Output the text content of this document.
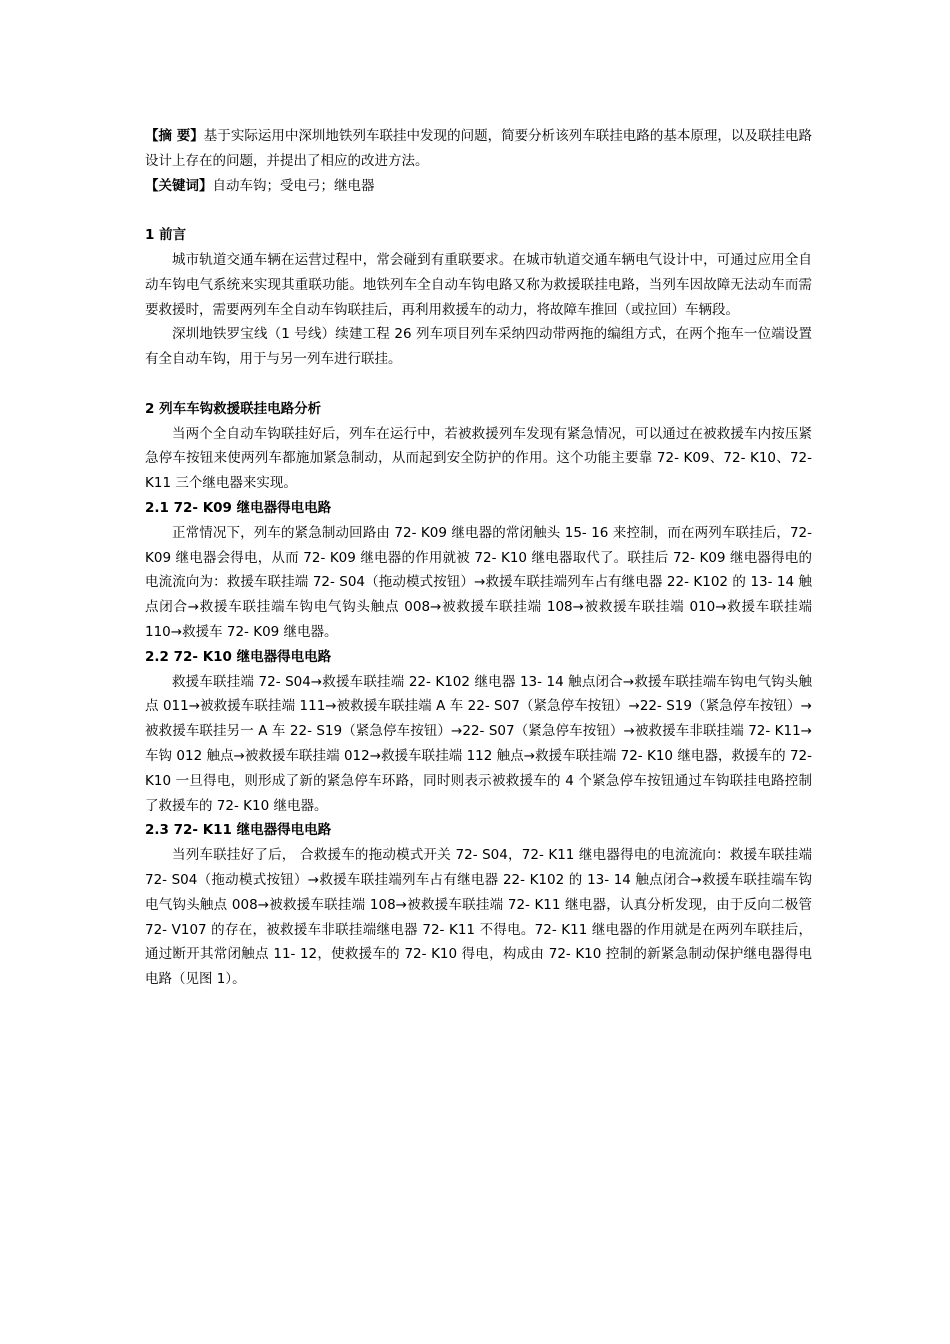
【摘 要】基于实际运用中深圳地铁列车联挂中发现的问题，简要分析该列车联挂电路的基本原理，以及联挂电路设计上存在的问题，并提出了相应的改进方法。

【关键词】自动车钩；受电弓；继电器

1 前言

城市轨道交通车辆在运营过程中，常会碰到有重联要求。在城市轨道交通车辆电气设计中，可通过应用全自动车钩电气系统来实现其重联功能。地铁列车全自动车钩电路又称为救援联挂电路，当列车因故障无法动车而需要救援时，需要两列车全自动车钩联挂后，再利用救援车的动力，将故障车推回（或拉回）车辆段。

深圳地铁罗宝线（1 号线）续建工程 26 列车项目列车采纳四动带两拖的编组方式，在两个拖车一位端设置有全自动车钩，用于与另一列车进行联挂。

2 列车车钩救援联挂电路分析

当两个全自动车钩联挂好后，列车在运行中，若被救援列车发现有紧急情况，可以通过在被救援车内按压紧急停车按钮来使两列车都施加紧急制动，从而起到安全防护的作用。这个功能主要靠 72- K09、72- K10、72- K11 三个继电器来实现。

2.1 72- K09 继电器得电电路

正常情况下，列车的紧急制动回路由 72- K09 继电器的常闭触头 15- 16 来控制，而在两列车联挂后，72- K09 继电器会得电，从而 72- K09 继电器的作用就被 72- K10 继电器取代了。联挂后 72- K09 继电器得电的电流流向为：救援车联挂端 72- S04（拖动模式按钮）→救援车联挂端列车占有继电器 22- K102 的 13- 14 触点闭合→救援车联挂端车钩电气钩头触点 008→被救援车联挂端 108→被救援车联挂端 010→救援车联挂端 110→救援车 72- K09 继电器。

2.2 72- K10 继电器得电电路

救援车联挂端 72- S04→救援车联挂端 22- K102 继电器 13- 14 触点闭合→救援车联挂端车钩电气钩头触点 011→被救援车联挂端 111→被救援车联挂端 A 车 22- S07（紧急停车按钮）→22- S19（紧急停车按钮）→被救援车联挂另一 A 车 22- S19（紧急停车按钮）→22- S07（紧急停车按钮）→被救援车非联挂端 72- K11→车钩 012 触点→被救援车联挂端 012→救援车联挂端 112 触点→救援车联挂端 72- K10 继电器，救援车的 72- K10 一旦得电，则形成了新的紧急停车环路，同时则表示被救援车的 4 个紧急停车按钮通过车钩联挂电路控制了救援车的 72- K10 继电器。

2.3 72- K11 继电器得电电路

当列车联挂好了后， 合救援车的拖动模式开关 72- S04，72- K11 继电器得电的电流流向：救援车联挂端 72- S04（拖动模式按钮）→救援车联挂端列车占有继电器 22- K102 的 13- 14 触点闭合→救援车联挂端车钩电气钩头触点 008→被救援车联挂端 108→被救援车联挂端 72- K11 继电器，认真分析发现，由于反向二极管 72- V107 的存在，被救援车非联挂端继电器 72- K11 不得电。72- K11 继电器的作用就是在两列车联挂后，通过断开其常闭触点 11- 12，使救援车的 72- K10 得电，构成由 72- K10 控制的新紧急制动保护继电器得电电路（见图 1）。
